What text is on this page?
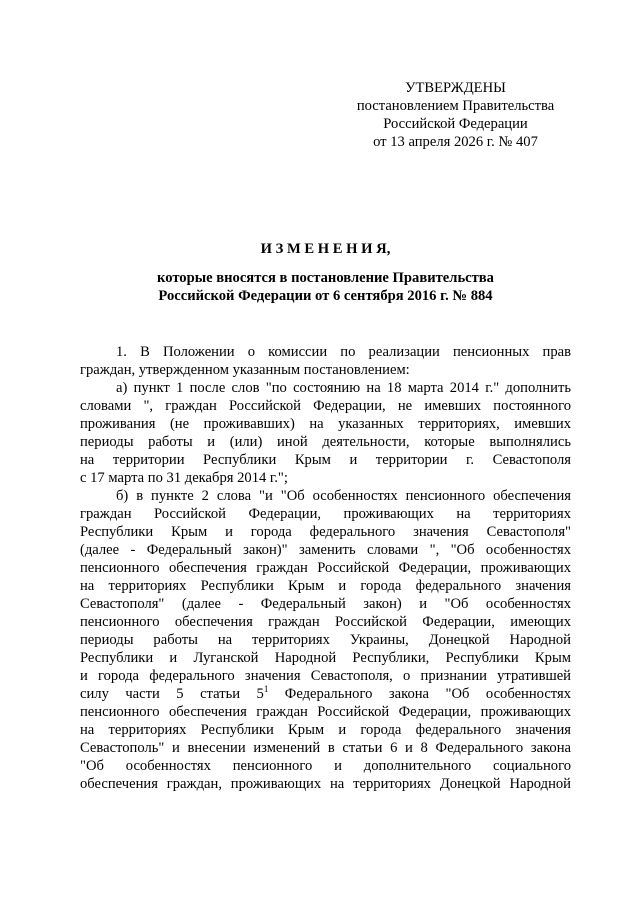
УТВЕРЖДЕНЫ
постановлением Правительства
Российской Федерации
от 13 апреля 2026 г. № 407
И З М Е Н Е Н И Я,
которые вносятся в постановление Правительства
Российской Федерации от 6 сентября 2016 г. № 884
1. В Положении о комиссии по реализации пенсионных прав
граждан, утвержденном указанным постановлением:
а) пункт 1 после слов "по состоянию на 18 марта 2014 г." дополнить
словами ", граждан Российской Федерации, не имевших постоянного
проживания (не проживавших) на указанных территориях, имевших
периоды работы и (или) иной деятельности, которые выполнялись
на территории Республики Крым и территории г. Севастополя
с 17 марта по 31 декабря 2014 г.";
б) в пункте 2 слова "и "Об особенностях пенсионного обеспечения
граждан Российской Федерации, проживающих на территориях
Республики Крым и города федерального значения Севастополя"
(далее - Федеральный закон)" заменить словами ", "Об особенностях
пенсионного обеспечения граждан Российской Федерации, проживающих
на территориях Республики Крым и города федерального значения
Севастополя" (далее - Федеральный закон) и "Об особенностях
пенсионного обеспечения граждан Российской Федерации, имеющих
периоды работы на территориях Украины, Донецкой Народной
Республики и Луганской Народной Республики, Республики Крым
и города федерального значения Севастополя, о признании утратившей
силу части 5 статьи $5^1$ Федерального закона "Об особенностях
пенсионного обеспечения граждан Российской Федерации, проживающих
на территориях Республики Крым и города федерального значения
Севастополь" и внесении изменений в статьи 6 и 8 Федерального закона
"Об особенностях пенсионного и дополнительного социального
обеспечения граждан, проживающих на территориях Донецкой Народной
